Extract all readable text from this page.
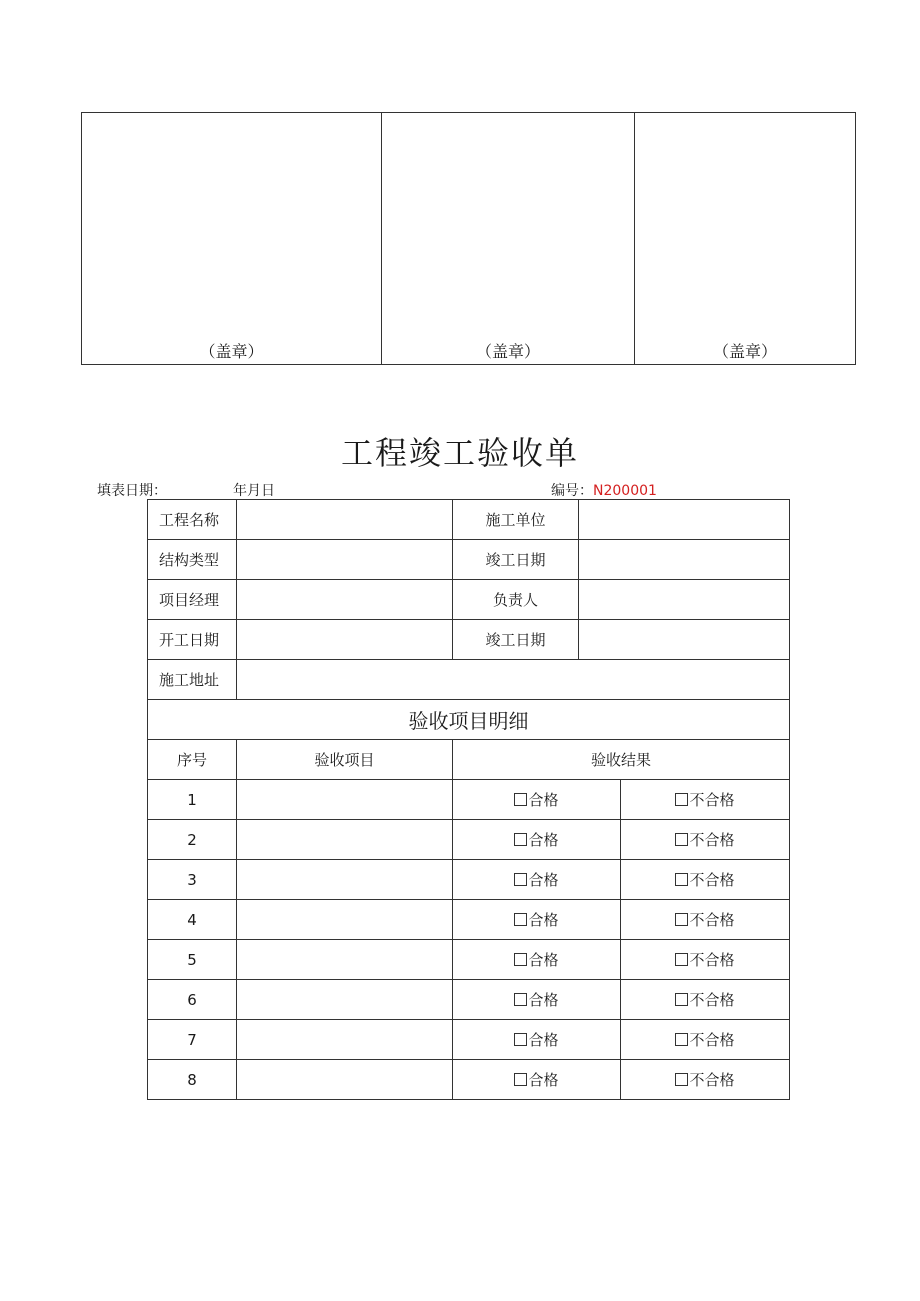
（盖章）	（盖章）	（盖章）
工程竣工验收单
填表日期：	年月日	编号：N200001
工程名称		施工单位		
结构类型		竣工日期		
项目经理		负责人		
开工日期		竣工日期		
施工地址				
验收项目明细				
序号	验收项目	验收结果		
1		合格		不合格
2		合格		不合格
3		合格		不合格
4		合格		不合格
5		合格		不合格
6		合格		不合格
7		合格		不合格
8		合格		不合格
